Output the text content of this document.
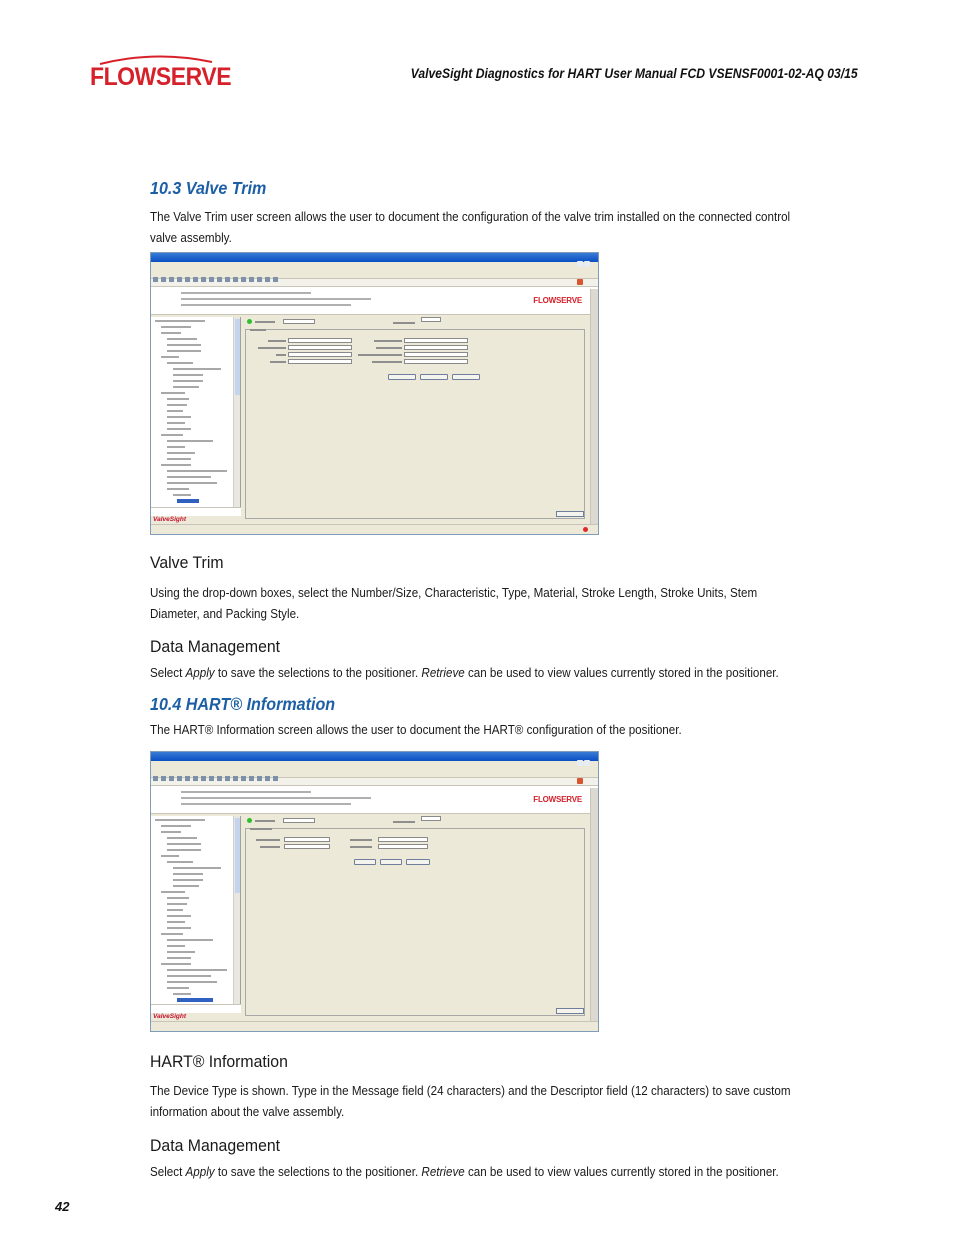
FLOWSERVE	ValveSight Diagnostics for HART User Manual FCD VSENSF0001-02-AQ 03/15
10.3 Valve Trim
The Valve Trim user screen allows the user to document the configuration of the valve trim installed on the connected control valve assembly.
FLOWSERVE
ValveSight
Valve Trim
Using the drop-down boxes, select the Number/Size, Characteristic, Type, Material, Stroke Length, Stroke Units, Stem Diameter, and Packing Style.
Data Management
Select Apply to save the selections to the positioner. Retrieve can be used to view values currently stored in the positioner.
10.4 HART® Information
The HART® Information screen allows the user to document the HART® configuration of the positioner.
FLOWSERVE
ValveSight
HART® Information
The Device Type is shown. Type in the Message field (24 characters) and the Descriptor field (12 characters) to save custom information about the valve assembly.
Data Management
Select Apply to save the selections to the positioner. Retrieve can be used to view values currently stored in the positioner.
42
